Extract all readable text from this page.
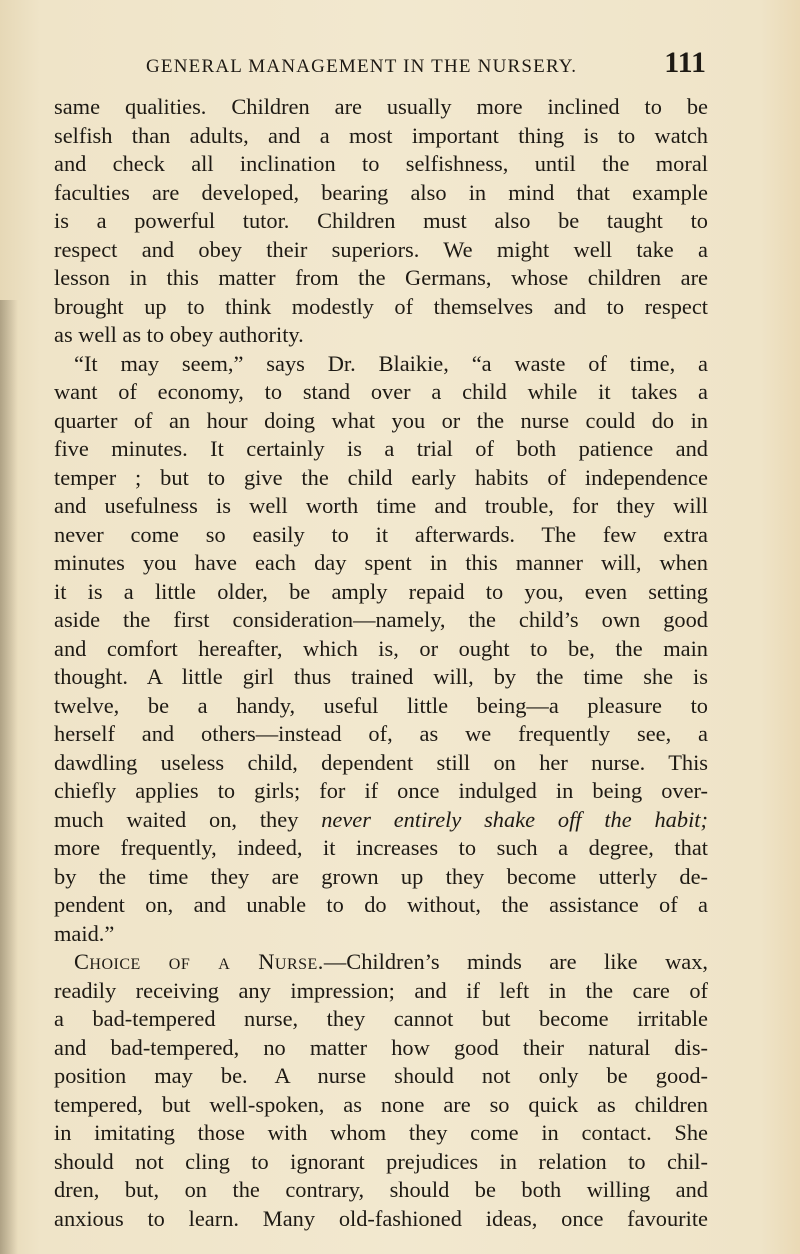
GENERAL MANAGEMENT IN THE NURSERY.	111
same qualities. Children are usually more inclined to be
selfish than adults, and a most important thing is to watch
and check all inclination to selfishness, until the moral
faculties are developed, bearing also in mind that example
is a powerful tutor. Children must also be taught to
respect and obey their superiors. We might well take a
lesson in this matter from the Germans, whose children are
brought up to think modestly of themselves and to respect
as well as to obey authority.
“It may seem,” says Dr. Blaikie, “a waste of time, a
want of economy, to stand over a child while it takes a
quarter of an hour doing what you or the nurse could do in
five minutes. It certainly is a trial of both patience and
temper ; but to give the child early habits of independence
and usefulness is well worth time and trouble, for they will
never come so easily to it afterwards. The few extra
minutes you have each day spent in this manner will, when
it is a little older, be amply repaid to you, even setting
aside the first consideration—namely, the child’s own good
and comfort hereafter, which is, or ought to be, the main
thought. A little girl thus trained will, by the time she is
twelve, be a handy, useful little being—a pleasure to
herself and others—instead of, as we frequently see, a
dawdling useless child, dependent still on her nurse. This
chiefly applies to girls; for if once indulged in being over-
much waited on, they never entirely shake off the habit;
more frequently, indeed, it increases to such a degree, that
by the time they are grown up they become utterly de-
pendent on, and unable to do without, the assistance of a
maid.”
Choice of a Nurse.—Children’s minds are like wax,
readily receiving any impression; and if left in the care of
a bad-tempered nurse, they cannot but become irritable
and bad-tempered, no matter how good their natural dis-
position may be. A nurse should not only be good-
tempered, but well-spoken, as none are so quick as children
in imitating those with whom they come in contact. She
should not cling to ignorant prejudices in relation to chil-
dren, but, on the contrary, should be both willing and
anxious to learn. Many old-fashioned ideas, once favourite
